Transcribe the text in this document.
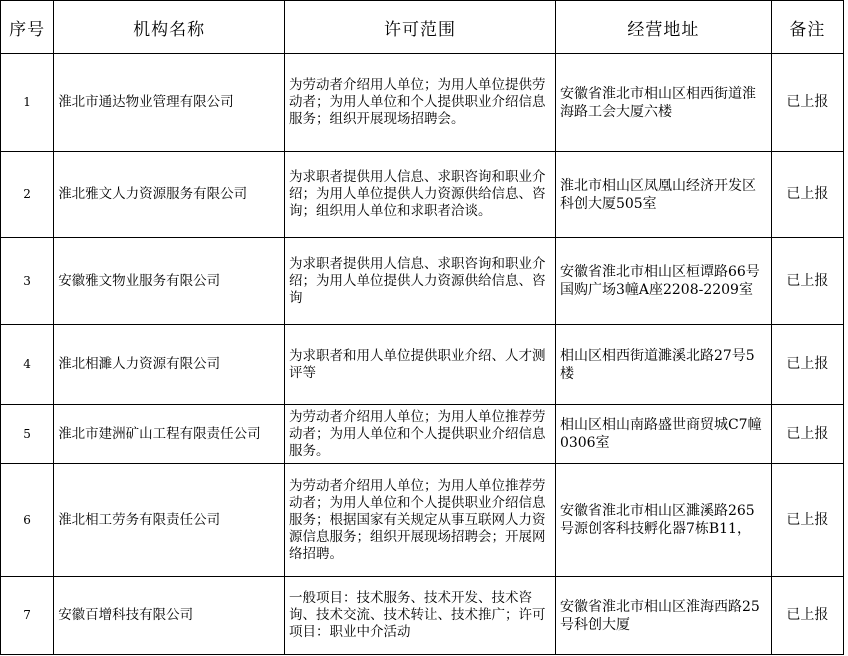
序号	机构名称	许可范围	经营地址	备注
1	淮北市通达物业管理有限公司	为劳动者介绍用人单位；为用人单位提供劳动者；为用人单位和个人提供职业介绍信息服务；组织开展现场招聘会。	安徽省淮北市相山区相西街道淮海路工会大厦六楼	已上报
2	淮北雅文人力资源服务有限公司	为求职者提供用人信息、求职咨询和职业介绍；为用人单位提供人力资源供给信息、咨询；组织用人单位和求职者洽谈。	淮北市相山区凤凰山经济开发区科创大厦505室	已上报
3	安徽雅文物业服务有限公司	为求职者提供用人信息、求职咨询和职业介绍；为用人单位提供人力资源供给信息、咨询	安徽省淮北市相山区桓谭路66号国购广场3幢A座2208-2209室	已上报
4	淮北相濉人力资源有限公司	为求职者和用人单位提供职业介绍、人才测评等	相山区相西街道濉溪北路27号5楼	已上报
5	淮北市建洲矿山工程有限责任公司	为劳动者介绍用人单位；为用人单位推荐劳动者；为用人单位和个人提供职业介绍信息服务。	相山区相山南路盛世商贸城C7幢0306室	已上报
6	淮北相工劳务有限责任公司	为劳动者介绍用人单位；为用人单位推荐劳动者；为用人单位和个人提供职业介绍信息服务；根据国家有关规定从事互联网人力资源信息服务；组织开展现场招聘会；开展网络招聘。	安徽省淮北市相山区濉溪路265号源创客科技孵化器7栋B11，	已上报
7	安徽百增科技有限公司	一般项目：技术服务、技术开发、技术咨询、技术交流、技术转让、技术推广；许可项目：职业中介活动	安徽省淮北市相山区淮海西路25号科创大厦	已上报
